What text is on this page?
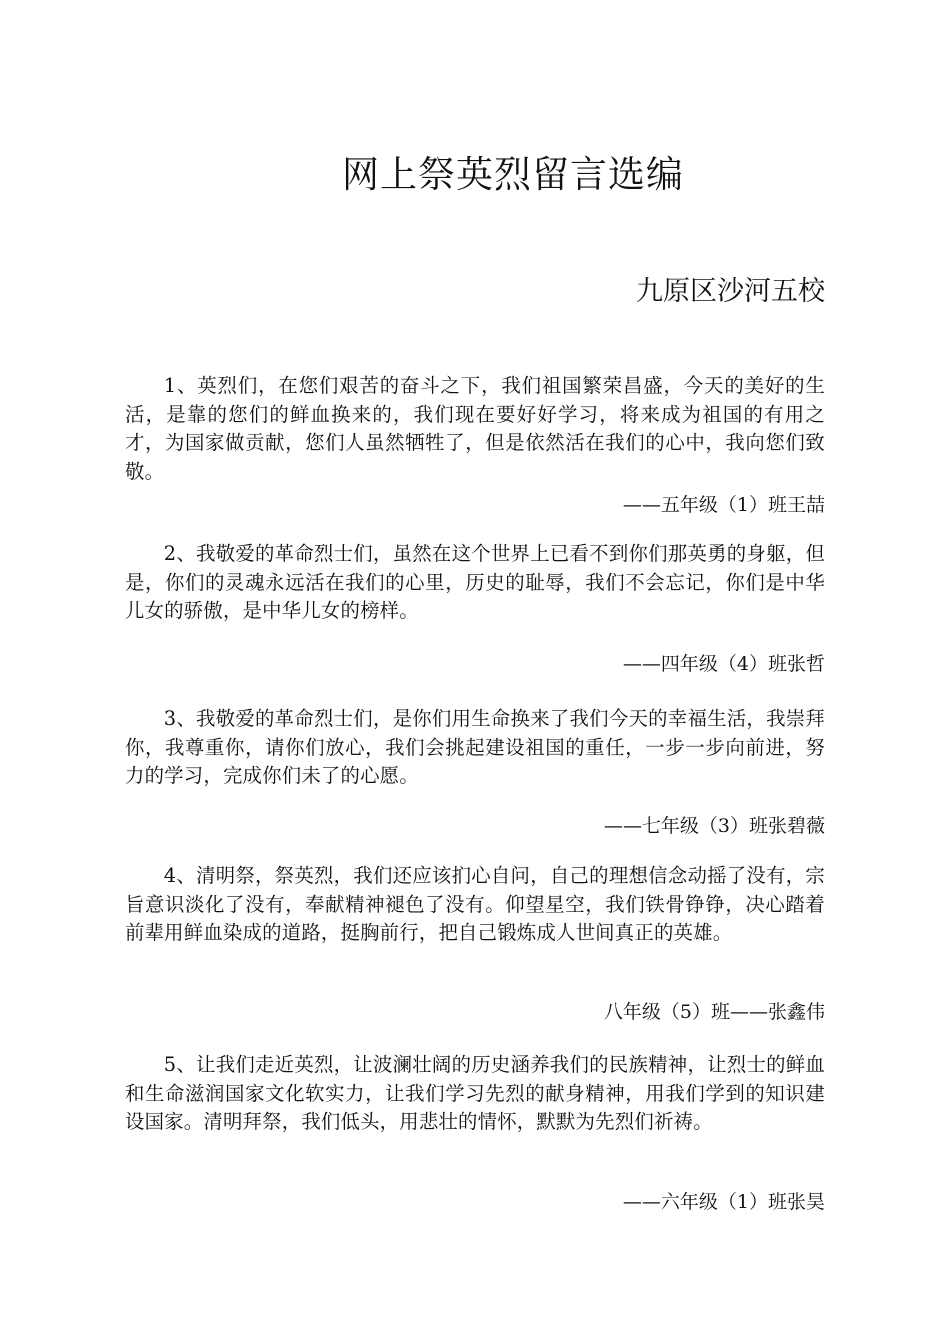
网上祭英烈留言选编
九原区沙河五校

1、英烈们，在您们艰苦的奋斗之下，我们祖国繁荣昌盛，今天的美好的生活，是靠的您们的鲜血换来的，我们现在要好好学习，将来成为祖国的有用之才，为国家做贡献，您们人虽然牺牲了，但是依然活在我们的心中，我向您们致敬。

——五年级（1）班王喆

2、我敬爱的革命烈士们，虽然在这个世界上已看不到你们那英勇的身躯，但是，你们的灵魂永远活在我们的心里，历史的耻辱，我们不会忘记，你们是中华儿女的骄傲，是中华儿女的榜样。

——四年级（4）班张哲

3、我敬爱的革命烈士们，是你们用生命换来了我们今天的幸福生活，我崇拜你，我尊重你，请你们放心，我们会挑起建设祖国的重任，一步一步向前进，努力的学习，完成你们未了的心愿。

——七年级（3）班张碧薇

4、清明祭，祭英烈，我们还应该扪心自问，自己的理想信念动摇了没有，宗旨意识淡化了没有，奉献精神褪色了没有。仰望星空，我们铁骨铮铮，决心踏着前辈用鲜血染成的道路，挺胸前行，把自己锻炼成人世间真正的英雄。

八年级（5）班——张鑫伟

5、让我们走近英烈，让波澜壮阔的历史涵养我们的民族精神，让烈士的鲜血和生命滋润国家文化软实力，让我们学习先烈的献身精神，用我们学到的知识建设国家。清明拜祭，我们低头，用悲壮的情怀，默默为先烈们祈祷。

——六年级（1）班张昊
